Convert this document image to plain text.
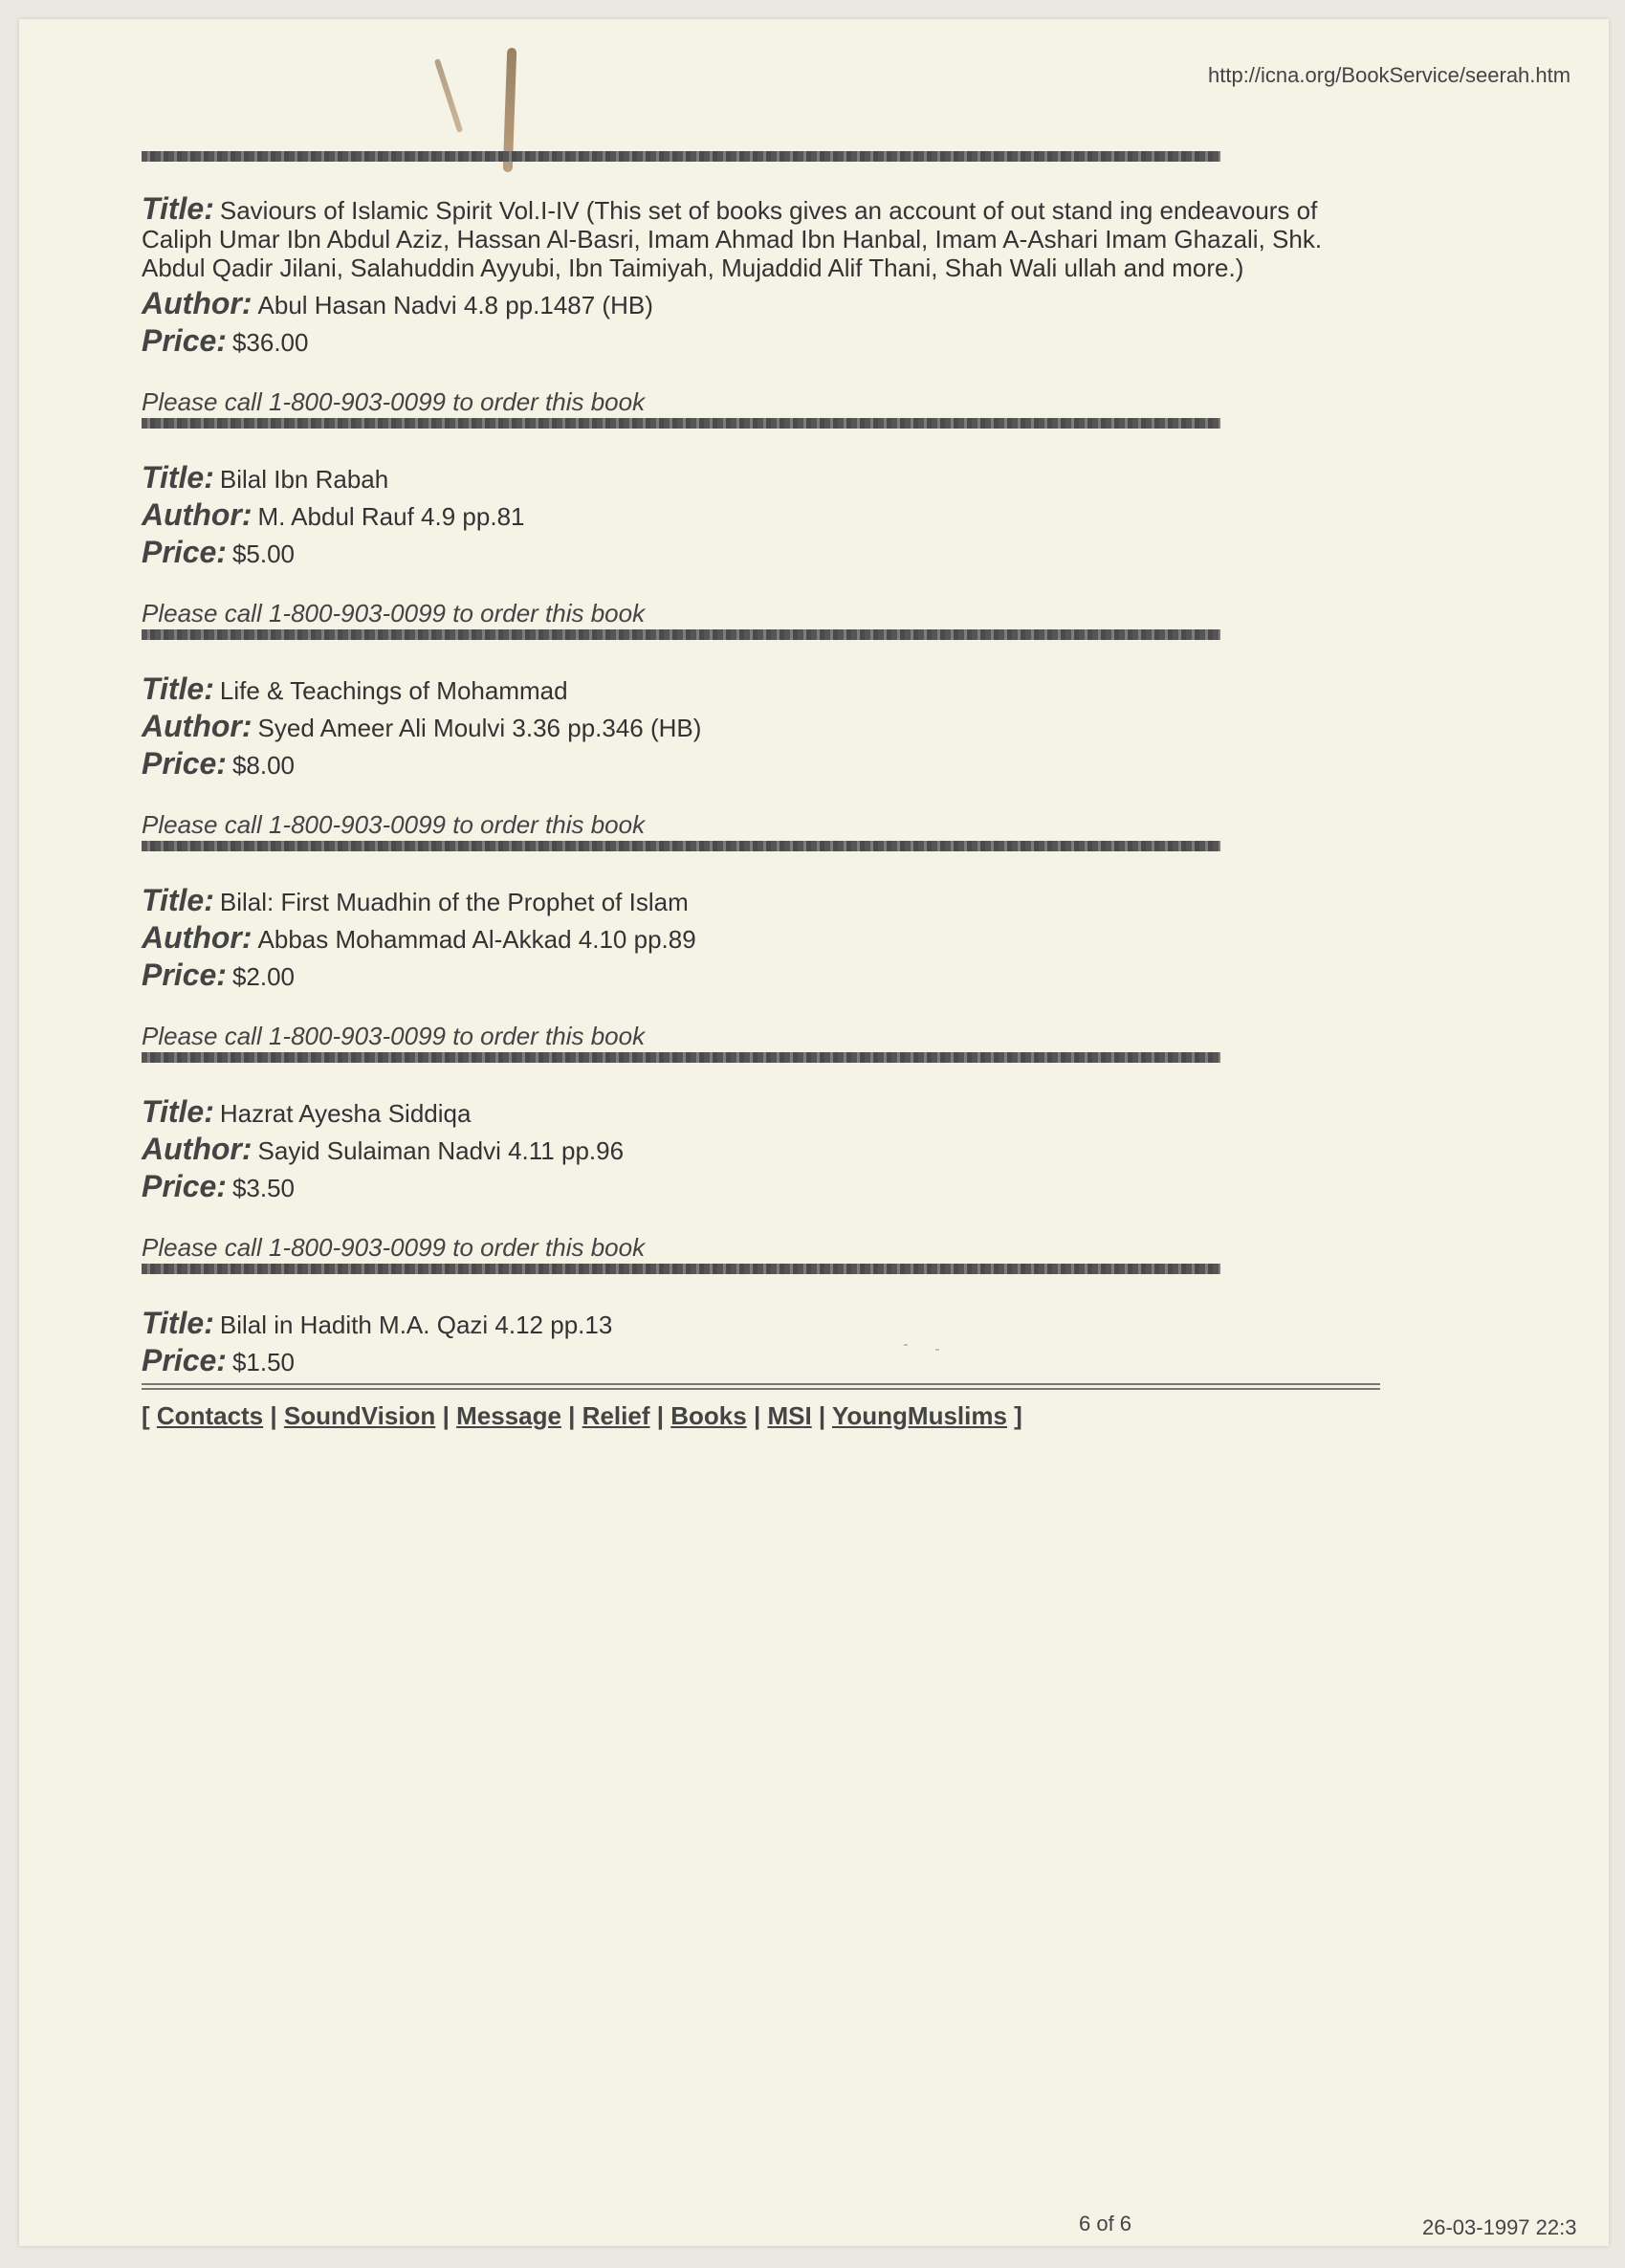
http://icna.org/BookService/seerah.htm
Title: Saviours of Islamic Spirit Vol.I-IV (This set of books gives an account of out stand ing endeavours of Caliph Umar Ibn Abdul Aziz, Hassan Al-Basri, Imam Ahmad Ibn Hanbal, Imam A-Ashari Imam Ghazali, Shk. Abdul Qadir Jilani, Salahuddin Ayyubi, Ibn Taimiyah, Mujaddid Alif Thani, Shah Wali ullah and more.)
Author: Abul Hasan Nadvi 4.8 pp.1487 (HB)
Price: $36.00
Please call 1-800-903-0099 to order this book
Title: Bilal Ibn Rabah
Author: M. Abdul Rauf 4.9 pp.81
Price: $5.00
Please call 1-800-903-0099 to order this book
Title: Life & Teachings of Mohammad
Author: Syed Ameer Ali Moulvi 3.36 pp.346 (HB)
Price: $8.00
Please call 1-800-903-0099 to order this book
Title: Bilal: First Muadhin of the Prophet of Islam
Author: Abbas Mohammad Al-Akkad 4.10 pp.89
Price: $2.00
Please call 1-800-903-0099 to order this book
Title: Hazrat Ayesha Siddiqa
Author: Sayid Sulaiman Nadvi 4.11 pp.96
Price: $3.50
Please call 1-800-903-0099 to order this book
Title: Bilal in Hadith M.A. Qazi 4.12 pp.13
Price: $1.50
[ Contacts | SoundVision | Message | Relief | Books | MSI | YoungMuslims ]
6 of 6	26-03-1997 22:3
